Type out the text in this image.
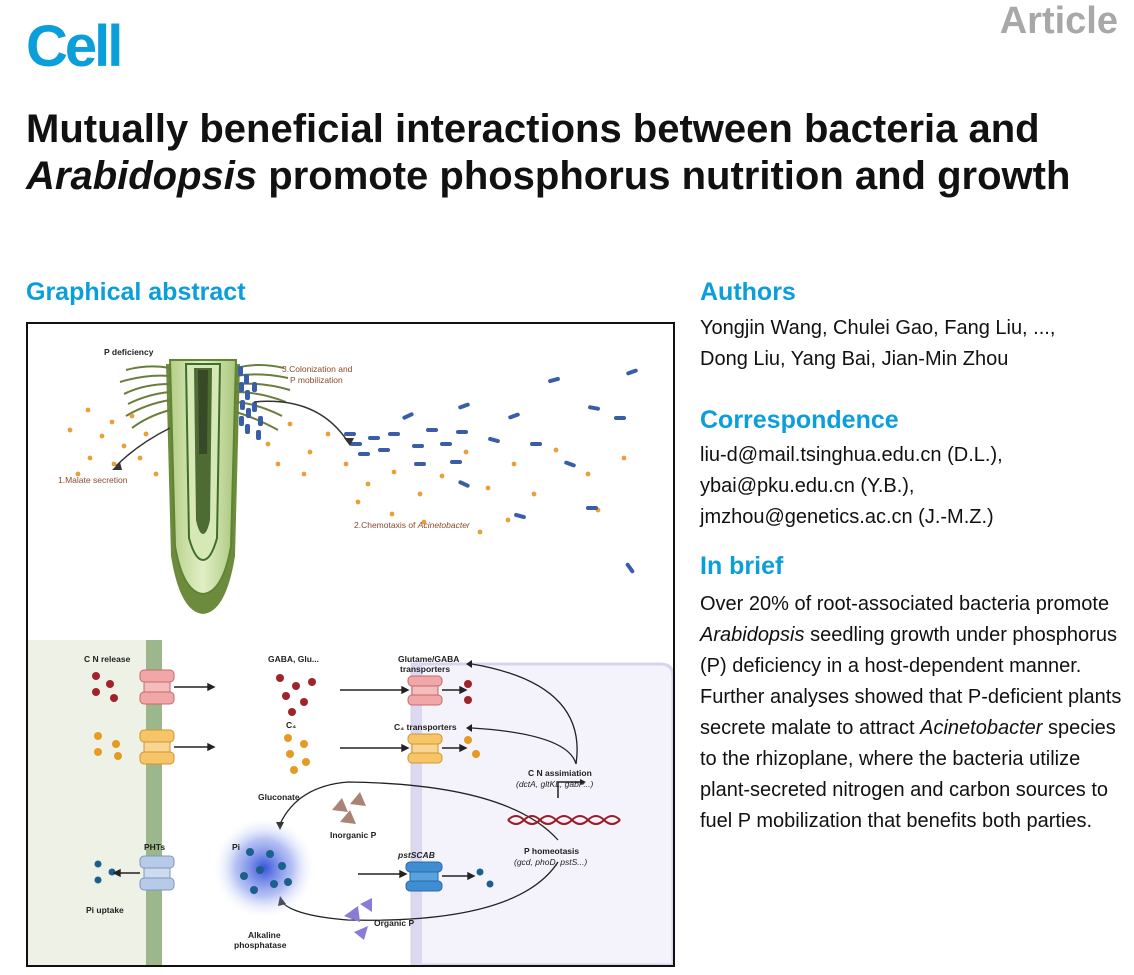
Cell	Article
Mutually beneficial interactions between bacteria and Arabidopsis promote phosphorus nutrition and growth
Graphical abstract
P deficiency
3.Colonization and
P mobilization
1.Malate secretion
2.Chemotaxis of Acinetobacter
C N release	GABA, Glu...	Glutame/GABA
transporters
C₄	C₄ transporters
C N assimiation
(dctA, gltKL, gabP...)
Gluconate
Inorganic P
PHTs	Pi
pstSCAB	P homeotasis
(gcd, phoD, pstS...)
Pi uptake
Organic P
Alkaline
phosphatase
Authors
Yongjin Wang, Chulei Gao, Fang Liu, ...,
Dong Liu, Yang Bai, Jian-Min Zhou
Correspondence
liu-d@mail.tsinghua.edu.cn (D.L.),
ybai@pku.edu.cn (Y.B.),
jmzhou@genetics.ac.cn (J.-M.Z.)
In brief
Over 20% of root-associated bacteria promote Arabidopsis seedling growth under phosphorus (P) deficiency in a host-dependent manner. Further analyses showed that P-deficient plants secrete malate to attract Acinetobacter species to the rhizoplane, where the bacteria utilize plant-secreted nitrogen and carbon sources to fuel P mobilization that benefits both parties.
